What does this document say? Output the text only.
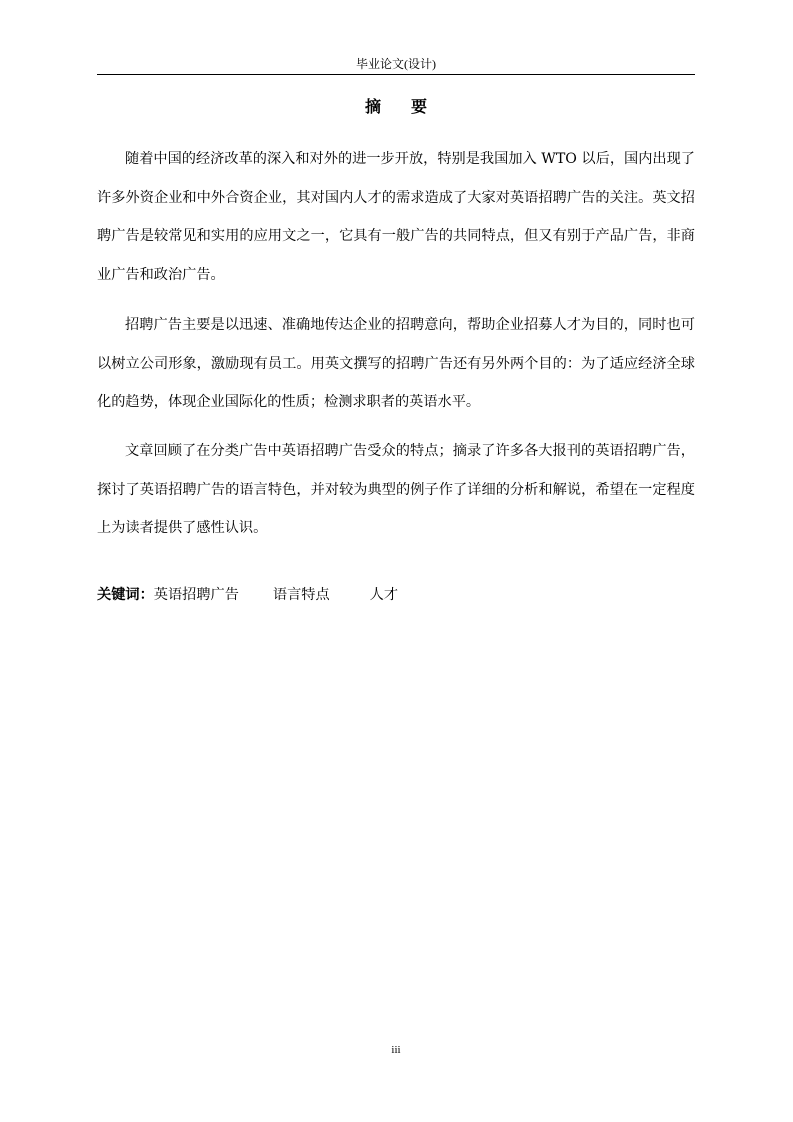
毕业论文(设计)
摘要

随着中国的经济改革的深入和对外的进一步开放，特别是我国加入 WTO 以后，国内出现了许多外资企业和中外合资企业，其对国内人才的需求造成了大家对英语招聘广告的关注。英文招聘广告是较常见和实用的应用文之一，它具有一般广告的共同特点，但又有别于产品广告，非商业广告和政治广告。

招聘广告主要是以迅速、准确地传达企业的招聘意向，帮助企业招募人才为目的，同时也可以树立公司形象，激励现有员工。用英文撰写的招聘广告还有另外两个目的：为了适应经济全球化的趋势，体现企业国际化的性质；检测求职者的英语水平。

文章回顾了在分类广告中英语招聘广告受众的特点；摘录了许多各大报刊的英语招聘广告，探讨了英语招聘广告的语言特色，并对较为典型的例子作了详细的分析和解说，希望在一定程度上为读者提供了感性认识。

关键词：英语招聘广告 语言特点	人才
iii
